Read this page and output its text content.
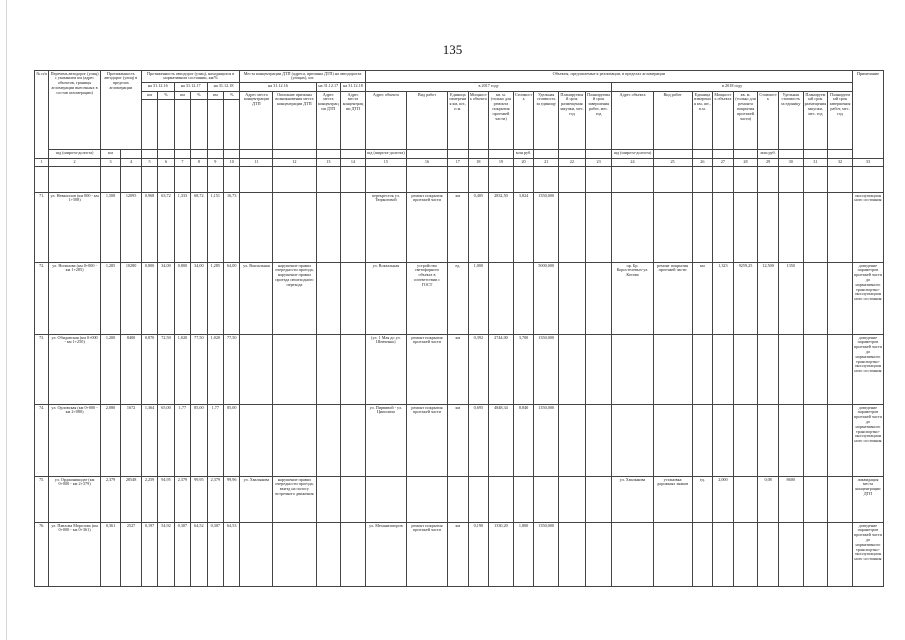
135
№ п/п	Перечень автодорог (улиц) с указанием км (адрес объектов, границы агломерации внесенных в состав агломерации)	Протяженность автодорог (улиц) в пределах агломерации		Протяженность автодорог (улиц), находящихся в нормативном состоянии, км/%						Места концентрации ДТП (адреса, причины ДТП) на автодорогах (улицах), шт.				Объекты, предлагаемые к реализации, в пределах агломерации																		Примечание
				на 31.12.16		на 31.12.17		на 31.12.18		на 31.12.16		на 31.12.17	на 31.12.18	в 2017 году									в 2018 году									
				км	%	км	%	км	%	Адрес места концентрации ДТП	Описание причины возникновения места концентрации ДТП	Адрес места концентрации ДТП	Адрес места концентрации ДТП	Адрес объекта	Вид работ	Единица измерения км, шт., п.м.	Мощность объекта	кв. м. (только для ремонта покрытия проезжей части)	Стоимость	Удельная стоимость за единицу	Планируемый срок размещения закупки, мес. год	Планируемый срок завершения работ, мес. год	Адрес объекта	Вид работ	Единица измерения км, шт., п.м.	Мощность объекта	кв. м. (только для ремонта покрытия проезжей части)	Стоимость	Удельная стоимость за единицу	Планируемый срок размещения закупки, мес. год	Планируемый срок завершения работ, мес. год	

	шд (широта-долгота)	км												шд (широта-долгота)					млн руб.				шд (широта-долгота)					млн руб.				
1	2	3	4	5	6	7	8	9	10	11	12	13	14	15	16	17	18	19	20	21	22	23	24	25	26	27	28	29	30	31	32	33

71.	ул. Невкиллов (км 000 - км 1+508)	1,508	12095	0,968	63,72	1,333	68,72	1,151	16,73					перекресток ул. Тюркоговой	ремонт покрытия проезжей части	км	0,405	2832,50	3,824	1350,000												эксплуатационного состояния
72.	ул. Ногинова (км 0+000 - км 1+285)	1,285	10280	0,800	34,00	0,800	34,00	1,285	64,00	ул. Вокзальная	нарушение правил очередности проезда, нарушение правил проезда пешеходного перехода			ул. Вокзальная	устройство светофорного объекта в соответствии с ГОСТ	ед.	1,000			5000,000			пр. Бр. Коростелевых-ул. Котова	ремонт покрытия проезжей части	км	1,323	9259,25	12,500	1350			доведение параметров проезжей части до нормативного транспортно-эксплуатационного состояния
73.	ул. Обидовская (км 0+000 - км 1+250)	1,200	8400	0,870	72,50	1,020	77,50	1,020	77,50					(ул. 1 Мая до ул. Шевченко)	ремонт покрытия проезжей части	км	0,392	2744,00	3,700	1350,000												доведение параметров проезжей части до нормативного транспортно-эксплуатационного состояния
74.	ул. Орловская (км 0+000 - км 2+080)	2,080	1672	1,364	65,00	1,77	85,00	1,77	85,00					ул. Пирвивой - ул. Ципилича	ремонт покрытия проезжей части	км	0,695	4848,34	8,840	1350,000												доведение параметров проезжей части до нормативного транспортно-эксплуатационного состояния
75.	ул. Орджоникидзе (км 0+000 - км 2+379)	2,379	28548	2,259	94,95	2,379	99,95	2,379	99,96	ул. Хвалыкова	нарушение правил очередности проезда, выезд на полосу встречного движения												ул. Хвалыкова	установка дорожных знаков	ед.	2,000		0,08	8600			ликвидация места концентрации ДТП
76.	ул. Павлова Морозова (км 0+000 - км 0+361)	0,361	2527	0,197	54,92	0,307	64,52	0,307	64,53					ул. Механизаторов	ремонт покрытия проезжей части	км	0,190	1330,20	1,800	1350,000												доведение параметров проезжей части до нормативного транспортно-эксплуатационного состояния
